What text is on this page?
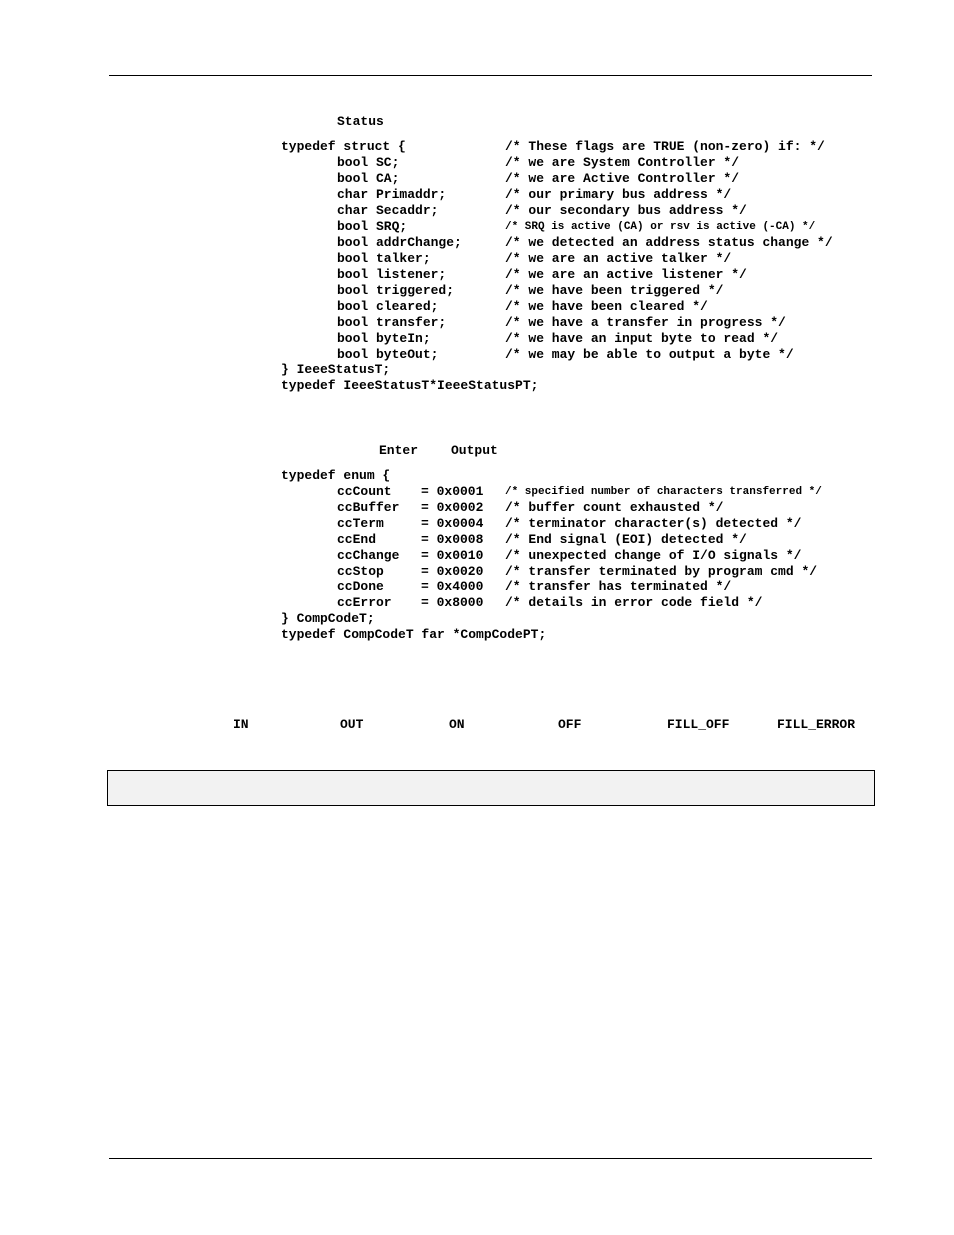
Status
typedef struct {	/* These flags are TRUE (non-zero) if: */
bool SC;	/* we are System Controller */
bool CA;	/* we are Active Controller */
char Primaddr;	/* our primary bus address */
char Secaddr;	/* our secondary bus address */
bool SRQ;	/* SRQ is active (CA) or rsv is active (-CA) */
bool addrChange;	/* we detected an address status change */
bool talker;	/* we are an active talker */
bool listener;	/* we are an active listener */
bool triggered;	/* we have been triggered */
bool cleared;	/* we have been cleared */
bool transfer;	/* we have a transfer in progress */
bool byteIn;	/* we have an input byte to read */
bool byteOut;	/* we may be able to output a byte */
} IeeeStatusT;
typedef IeeeStatusT*IeeeStatusPT;
Enter	Output
typedef enum {
ccCount = 0x0001 /* specified number of characters transferred */
ccBuffer = 0x0002 /* buffer count exhausted */
ccTerm	= 0x0004 /* terminator character(s) detected */
ccEnd	= 0x0008 /* End signal (EOI) detected */
ccChange = 0x0010 /* unexpected change of I/O signals */
ccStop	= 0x0020 /* transfer terminated by program cmd */
ccDone	= 0x4000 /* transfer has terminated */
ccError = 0x8000 /* details in error code field */
} CompCodeT;
typedef CompCodeT far *CompCodePT;
IN	OUT	ON	OFF	FILL_OFF	FILL_ERROR
